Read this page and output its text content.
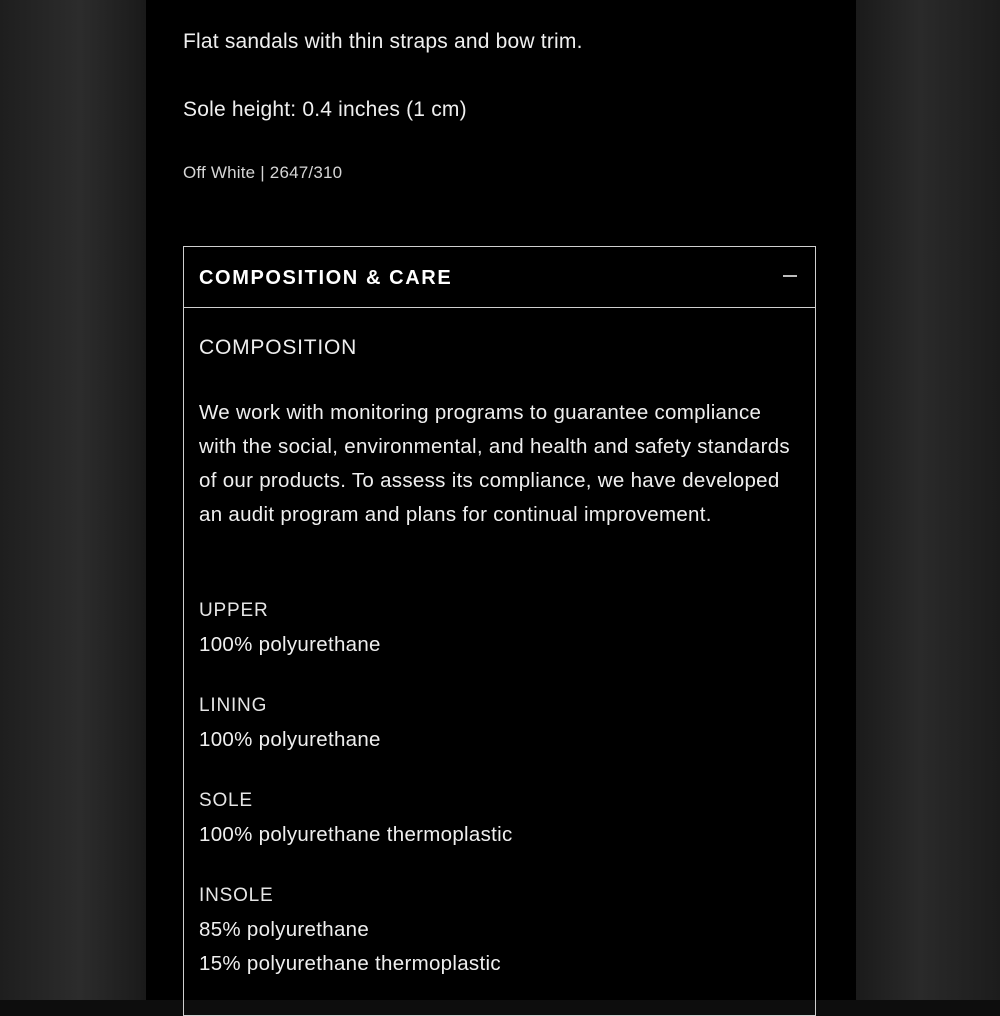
Flat sandals with thin straps and bow trim.
Sole height: 0.4 inches (1 cm)
Off White | 2647/310
COMPOSITION & CARE
COMPOSITION
We work with monitoring programs to guarantee compliance with the social, environmental, and health and safety standards of our products. To assess its compliance, we have developed an audit program and plans for continual improvement.
UPPER
100% polyurethane
LINING
100% polyurethane
SOLE
100% polyurethane thermoplastic
INSOLE
85% polyurethane
15% polyurethane thermoplastic
